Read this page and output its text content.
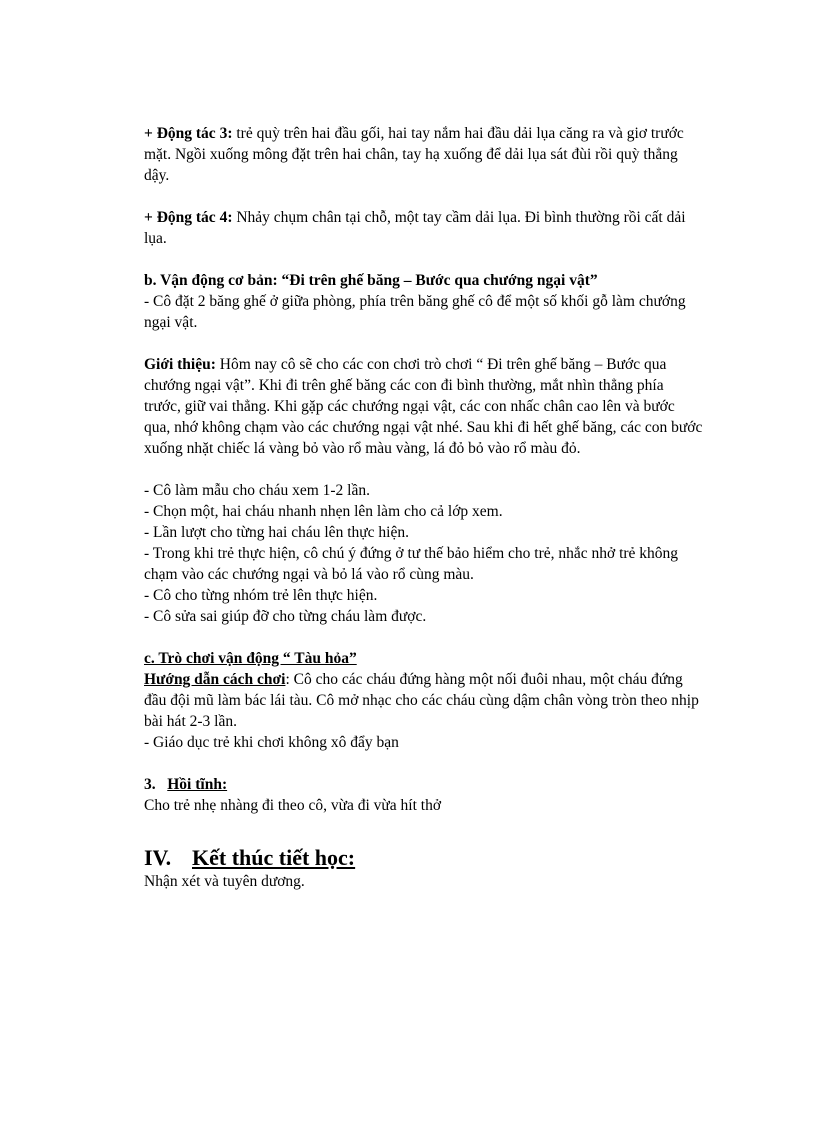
+ Động tác 3: trẻ quỳ trên hai đầu gối, hai tay nắm hai đầu dải lụa căng ra và giơ trước mặt. Ngồi xuống mông đặt trên hai chân, tay hạ xuống để dải lụa sát đùi rồi quỳ thẳng dậy.

+ Động tác 4: Nhảy chụm chân tại chỗ, một tay cầm dải lụa. Đi bình thường rồi cất dải lụa.

b. Vận động cơ bản: “Đi trên ghế băng – Bước qua chướng ngại vật”

- Cô đặt 2 băng ghế ở giữa phòng, phía trên băng ghế cô để một số khối gỗ làm chướng ngại vật.

Giới thiệu: Hôm nay cô sẽ cho các con chơi trò chơi “ Đi trên ghế băng – Bước qua chướng ngại vật”. Khi đi trên ghế băng các con đi bình thường, mắt nhìn thẳng phía trước, giữ vai thẳng. Khi gặp các chướng ngại vật, các con nhấc chân cao lên và bước qua, nhớ không chạm vào các chướng ngại vật nhé. Sau khi đi hết ghế băng, các con bước xuống nhặt chiếc lá vàng bỏ vào rổ màu vàng, lá đỏ bỏ vào rổ màu đỏ.

- Cô làm mẫu cho cháu xem 1-2 lần.

- Chọn một, hai cháu nhanh nhẹn lên làm cho cả lớp xem.

- Lần lượt cho từng hai cháu lên thực hiện.

- Trong khi trẻ thực hiện, cô chú ý đứng ở tư thế bảo hiểm cho trẻ, nhắc nhở trẻ không chạm vào các chướng ngại và bỏ lá vào rổ cùng màu.

- Cô cho từng nhóm trẻ lên thực hiện.

- Cô sửa sai giúp đỡ cho từng cháu làm được.

c. Trò chơi vận động “ Tàu hỏa”

Hướng dẫn cách chơi: Cô cho các cháu đứng hàng một nối đuôi nhau, một cháu đứng đầu đội mũ làm bác lái tàu. Cô mở nhạc cho các cháu cùng dậm chân vòng tròn theo nhịp bài hát 2-3 lần.

- Giáo dục trẻ khi chơi không xô đẩy bạn

3. Hồi tĩnh:

Cho trẻ nhẹ nhàng đi theo cô, vừa đi vừa hít thở

IV. Kết thúc tiết học:

Nhận xét và tuyên dương.
